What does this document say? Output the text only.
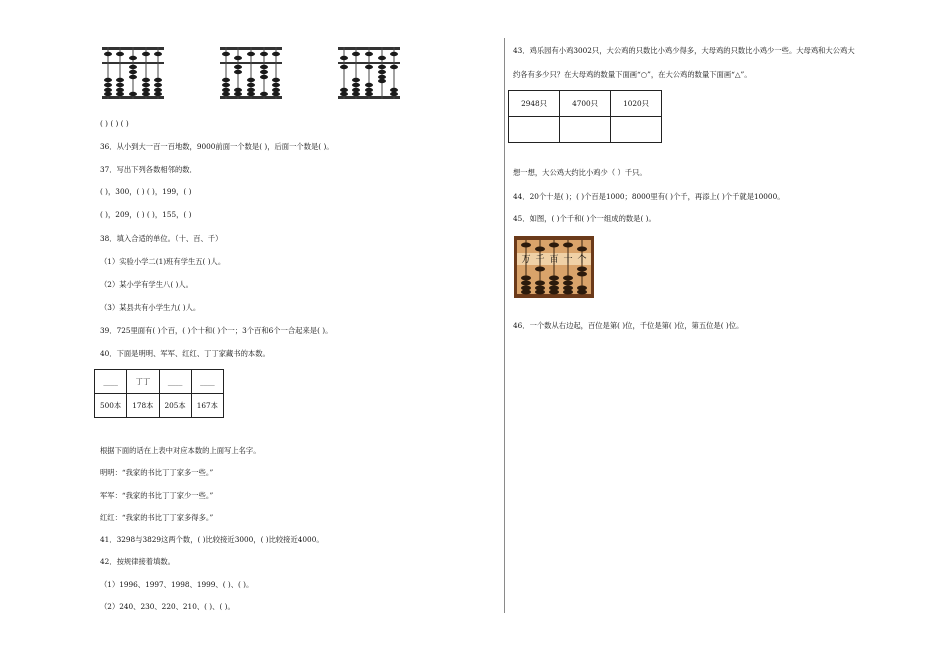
( ) ( ) ( )
36．从小到大一百一百地数，9000前面一个数是( )，后面一个数是( )。
37．写出下列各数相邻的数．
( )，300，( ) ( )，199，( )
( )，209，( ) ( )，155，( )
38．填入合适的单位。（十、百、千）
（1）实验小学二(1)班有学生五( )人。
（2）某小学有学生八( )人。
（3）某县共有小学生九( )人。
39．725里面有( )个百，( )个十和( )个一；3个百和6个一合起来是( )。
40．下面是明明、军军、红红、丁丁家藏书的本数。
____	丁丁	____	____
500本	178本	205本	167本
根据下面的话在上表中对应本数的上面写上名字。
明明：“我家的书比丁丁家多一些。”
军军：“我家的书比丁丁家少一些。”
红红：“我家的书比丁丁家多得多。”
41．3298与3829这两个数，( )比较接近3000，( )比较接近4000。
42．按规律接着填数。
（1）1996、1997、1998、1999、( )、( )。
（2）240、230、220、210、( )、( )。
43．鸡乐园有小鸡3002只，大公鸡的只数比小鸡少得多，大母鸡的只数比小鸡少一些。大母鸡和大公鸡大
约各有多少只？在大母鸡的数量下面画“○”，在大公鸡的数量下面画“△”。
2948只	4700只	1020只

想一想，大公鸡大约比小鸡少（ ）千只。
44．20个十是( )；( )个百是1000；8000里有( )个千，再添上( )个千就是10000。
45．如图，( )个千和( )个一组成的数是( )。
万 千 百 十 个
46．一个数从右边起，百位是第( )位，千位是第( )位，第五位是( )位。
